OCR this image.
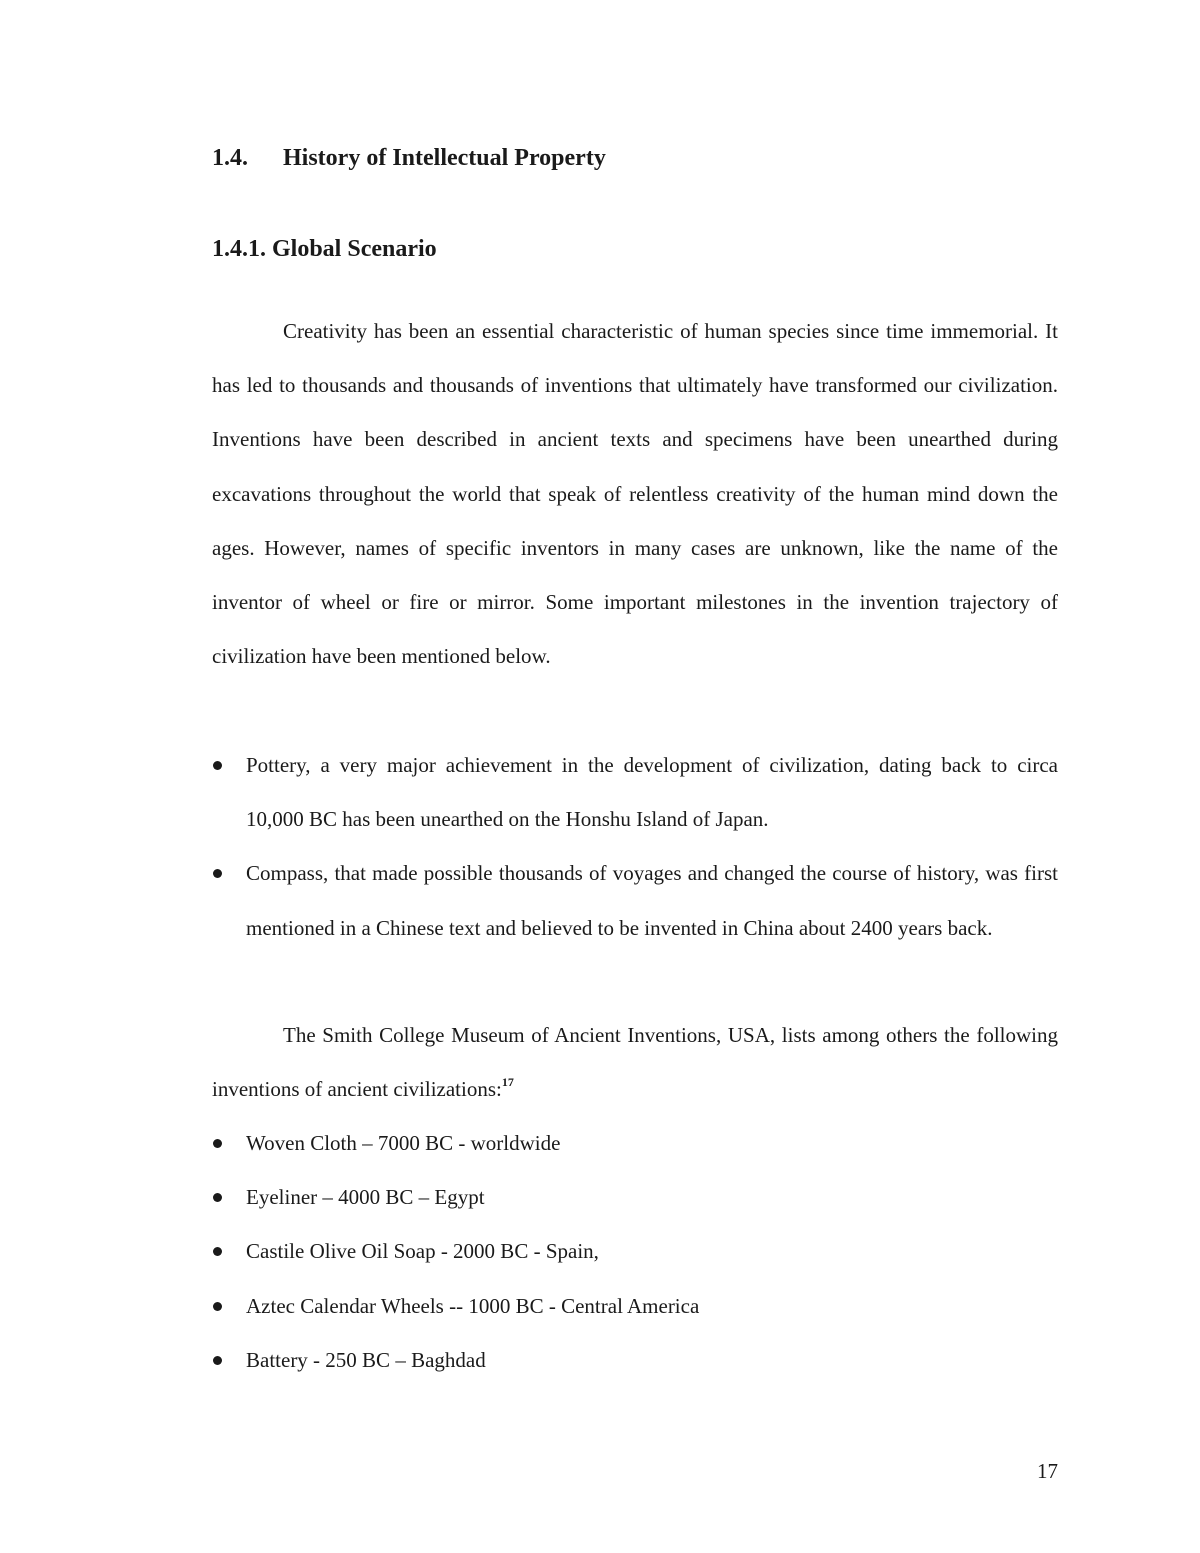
1.4. History of Intellectual Property
1.4.1. Global Scenario

Creativity has been an essential characteristic of human species since time immemorial. It has led to thousands and thousands of inventions that ultimately have transformed our civilization. Inventions have been described in ancient texts and specimens have been unearthed during excavations throughout the world that speak of relentless creativity of the human mind down the ages. However, names of specific inventors in many cases are unknown, like the name of the inventor of wheel or fire or mirror. Some important milestones in the invention trajectory of civilization have been mentioned below.

Pottery, a very major achievement in the development of civilization, dating back to circa 10,000 BC has been unearthed on the Honshu Island of Japan.
Compass, that made possible thousands of voyages and changed the course of history, was first mentioned in a Chinese text and believed to be invented in China about 2400 years back.

The Smith College Museum of Ancient Inventions, USA, lists among others the following inventions of ancient civilizations:$^{17}$

Woven Cloth – 7000 BC - worldwide
Eyeliner – 4000 BC – Egypt
Castile Olive Oil Soap - 2000 BC - Spain,
Aztec Calendar Wheels -- 1000 BC - Central America
Battery - 250 BC – Baghdad
17
